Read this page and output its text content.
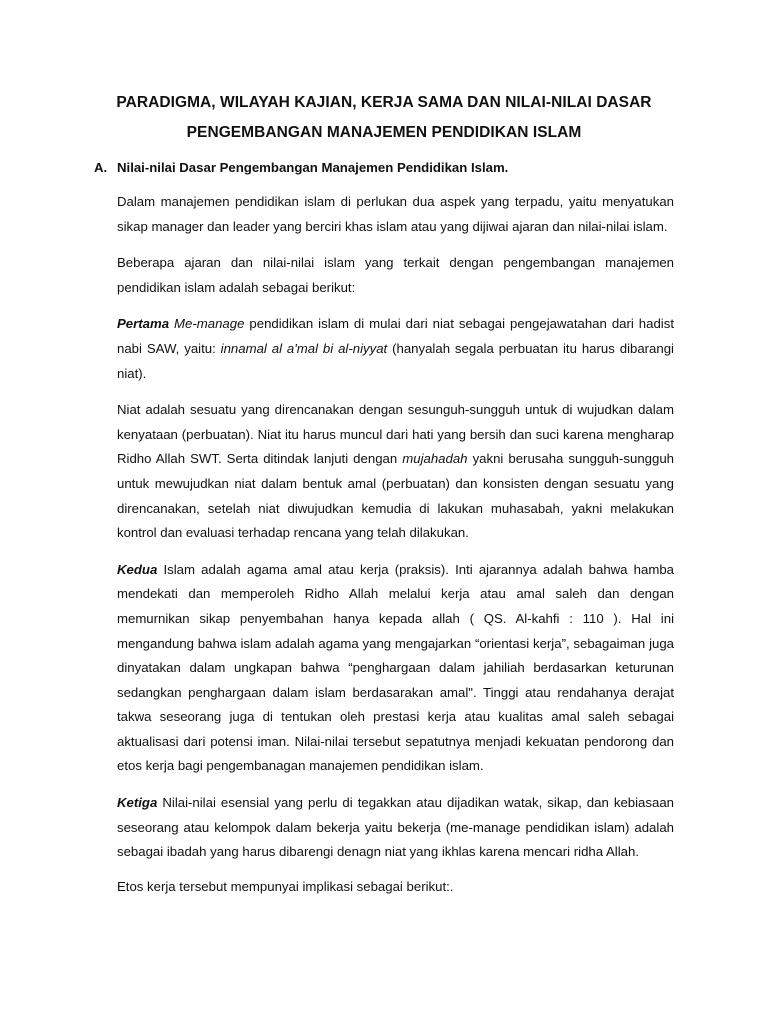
PARADIGMA, WILAYAH KAJIAN, KERJA SAMA DAN NILAI-NILAI DASAR
PENGEMBANGAN MANAJEMEN PENDIDIKAN ISLAM
A. Nilai-nilai Dasar Pengembangan Manajemen Pendidikan Islam.

Dalam manajemen pendidikan islam di perlukan dua aspek yang terpadu, yaitu menyatukan sikap manager dan leader yang berciri khas islam atau yang dijiwai ajaran dan nilai-nilai islam.

Beberapa ajaran dan nilai-nilai islam yang terkait dengan pengembangan manajemen pendidikan islam adalah sebagai berikut:

Pertama Me-manage pendidikan islam di mulai dari niat sebagai pengejawatahan dari hadist nabi SAW, yaitu: innamal al a'mal bi al-niyyat (hanyalah segala perbuatan itu harus dibarangi niat).

Niat adalah sesuatu yang direncanakan dengan sesunguh-sungguh untuk di wujudkan dalam kenyataan (perbuatan). Niat itu harus muncul dari hati yang bersih dan suci karena mengharap Ridho Allah SWT. Serta ditindak lanjuti dengan mujahadah yakni berusaha sungguh-sungguh untuk mewujudkan niat dalam bentuk amal (perbuatan) dan konsisten dengan sesuatu yang direncanakan, setelah niat diwujudkan kemudia di lakukan muhasabah, yakni melakukan kontrol dan evaluasi terhadap rencana yang telah dilakukan.

Kedua Islam adalah agama amal atau kerja (praksis). Inti ajarannya adalah bahwa hamba mendekati dan memperoleh Ridho Allah melalui kerja atau amal saleh dan dengan memurnikan sikap penyembahan hanya kepada allah ( QS. Al-kahfi : 110 ). Hal ini mengandung bahwa islam adalah agama yang mengajarkan “orientasi kerja”, sebagaiman juga dinyatakan dalam ungkapan bahwa “penghargaan dalam jahiliah berdasarkan keturunan sedangkan penghargaan dalam islam berdasarakan amal". Tinggi atau rendahanya derajat takwa seseorang juga di tentukan oleh prestasi kerja atau kualitas amal saleh sebagai aktualisasi dari potensi iman. Nilai-nilai tersebut sepatutnya menjadi kekuatan pendorong dan etos kerja bagi pengembanagan manajemen pendidikan islam.

Ketiga Nilai-nilai esensial yang perlu di tegakkan atau dijadikan watak, sikap, dan kebiasaan seseorang atau kelompok dalam bekerja yaitu bekerja (me-manage pendidikan islam) adalah sebagai ibadah yang harus dibarengi denagn niat yang ikhlas karena mencari ridha Allah.

Etos kerja tersebut mempunyai implikasi sebagai berikut:.
